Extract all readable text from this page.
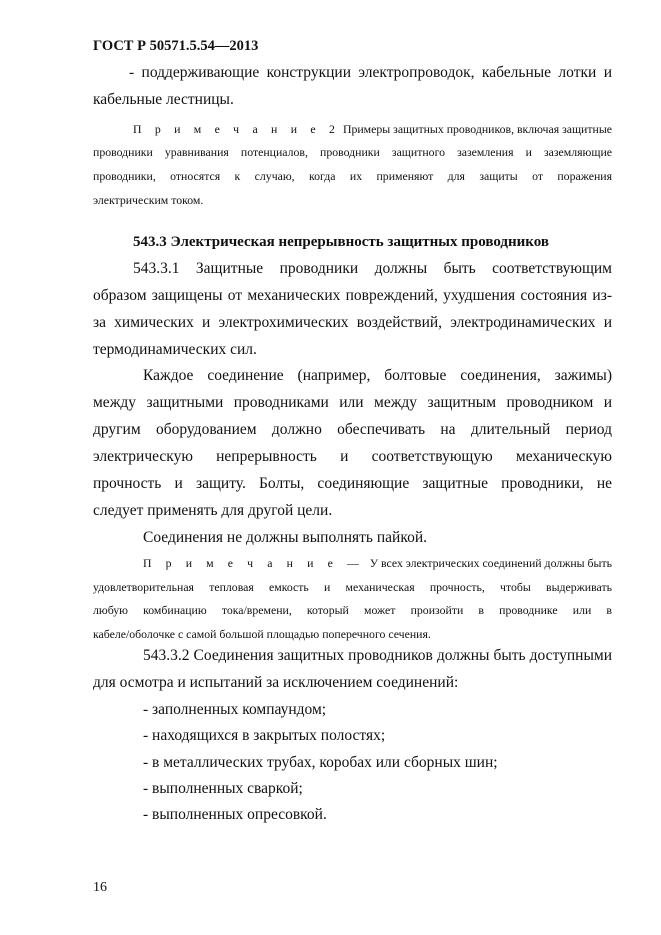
ГОСТ Р 50571.5.54—2013
- поддерживающие конструкции электропроводок, кабельные лотки и
кабельные лестницы.
П р и м е ч а н и е 2 Примеры защитных проводников, включая защитные
проводники уравнивания потенциалов, проводники защитного заземления и заземляющие
проводники, относятся к случаю, когда их применяют для защиты от поражения
электрическим током.
543.3 Электрическая непрерывность защитных проводников
543.3.1 Защитные проводники должны быть соответствующим
образом защищены от механических повреждений, ухудшения состояния из-
за химических и электрохимических воздействий, электродинамических и
термодинамических сил.
Каждое соединение (например, болтовые соединения, зажимы)
между защитными проводниками или между защитным проводником и
другим оборудованием должно обеспечивать на длительный период
электрическую непрерывность и соответствующую механическую
прочность и защиту. Болты, соединяющие защитные проводники, не
следует применять для другой цели.
Соединения не должны выполнять пайкой.
П р и м е ч а н и е — У всех электрических соединений должны быть
удовлетворительная тепловая емкость и механическая прочность, чтобы выдерживать
любую комбинацию тока/времени, который может произойти в проводнике или в
кабеле/оболочке с самой большой площадью поперечного сечения.
543.3.2 Соединения защитных проводников должны быть доступными
для осмотра и испытаний за исключением соединений:
- заполненных компаундом;
- находящихся в закрытых полостях;
- в металлических трубах, коробах или сборных шин;
- выполненных сваркой;
- выполненных опресовкой.
16
